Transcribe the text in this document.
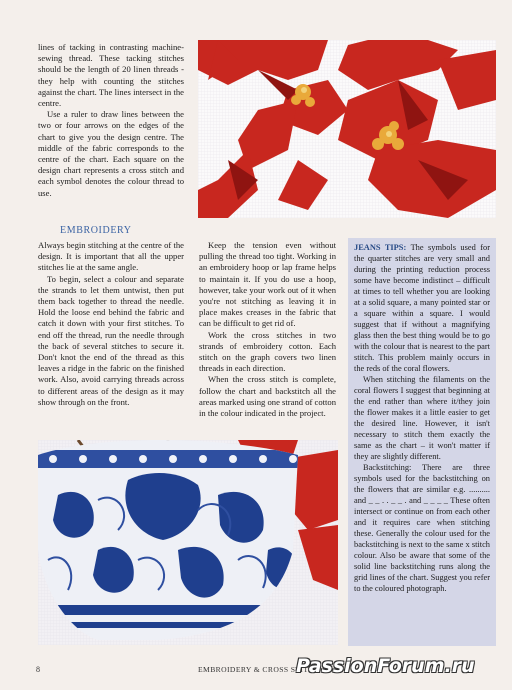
lines of tacking in contrasting machine-sewing thread. These tacking stitches should be the length of 20 linen threads - they help with counting the stitches against the chart. The lines intersect in the centre.

Use a ruler to draw lines between the two or four arrows on the edges of the chart to give you the design centre. The middle of the fabric corresponds to the centre of the chart. Each square on the design chart represents a cross stitch and each symbol denotes the colour thread to use.

EMBROIDERY

Always begin stitching at the centre of the design. It is important that all the upper stitches lie at the same angle.

To begin, select a colour and separate the strands to let them untwist, then put them back together to thread the needle. Hold the loose end behind the fabric and catch it down with your first stitches. To end off the thread, run the needle through the back of several stitches to secure it. Don't knot the end of the thread as this leaves a ridge in the fabric on the finished work. Also, avoid carrying threads across to different areas of the design as it may show through on the front.

Keep the tension even without pulling the thread too tight. Working in an embroidery hoop or lap frame helps to maintain it. If you do use a hoop, however, take your work out of it when you're not stitching as leaving it in place makes creases in the fabric that can be difficult to get rid of.

Work the cross stitches in two strands of embroidery cotton. Each stitch on the graph covers two linen threads in each direction.

When the cross stitch is complete, follow the chart and backstitch all the areas marked using one strand of cotton in the colour indicated in the project.

JEANS TIPS: The symbols used for the quarter stitches are very small and during the printing reduction process some have become indistinct – difficult at times to tell whether you are looking at a solid square, a many pointed star or a square within a square. I would suggest that if without a magnifying glass then the best thing would be to go with the colour that is nearest to the part stitch. This problem mainly occurs in the reds of the coral flowers.

When stitching the filaments on the coral flowers I suggest that beginning at the end rather than where it/they join the flower makes it a little easier to get the desired line. However, it isn't necessary to stitch them exactly the same as the chart – it won't matter if they are slightly different.

Backstitching: There are three symbols used for the backstitching on the flowers that are similar e.g. .......... and _ _ . . _ _ . and _ _ _ _ These often intersect or continue on from each other and it requires care when stitching these. Generally the colour used for the backstitching is next to the same x stitch colour. Also be aware that some of the solid line backstitching runs along the grid lines of the chart. Suggest you refer to the coloured photograph.

8	EMBROIDERY & CROSS STITCH
PassionForum.ru
